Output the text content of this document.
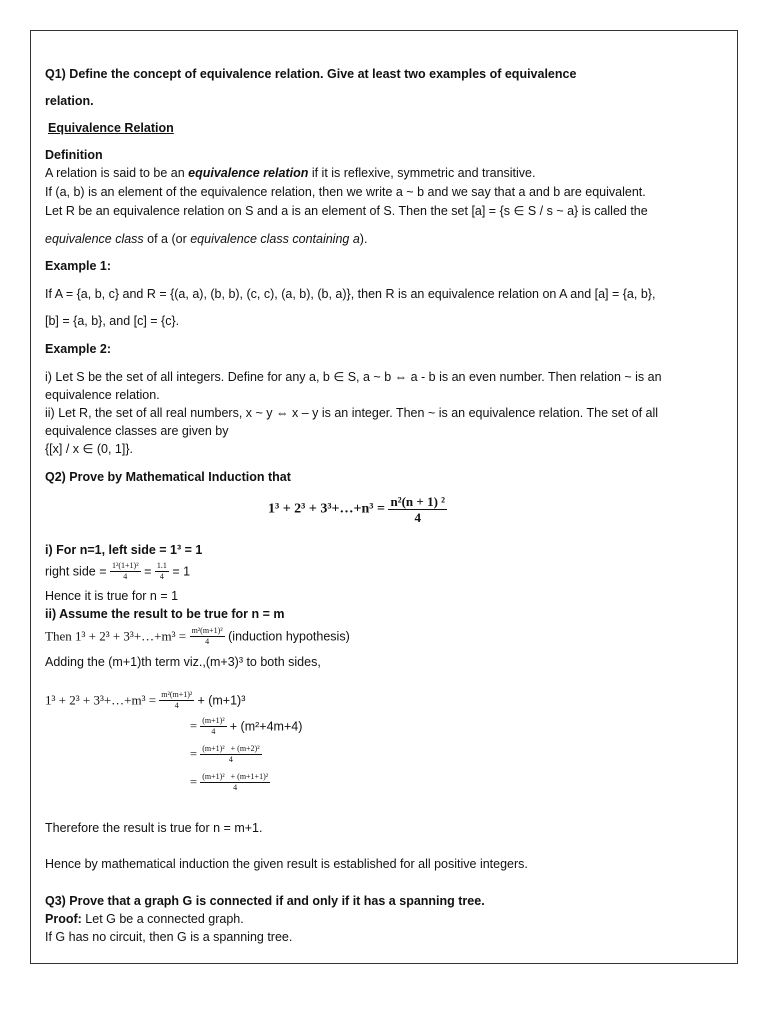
Q1) Define the concept of equivalence relation. Give at least two examples of equivalence
relation.
Equivalence Relation
Definition
A relation is said to be an equivalence relation if it is reflexive, symmetric and transitive.
If (a, b) is an element of the equivalence relation, then we write a ~ b and we say that a and b are equivalent.
Let R be an equivalence relation on S and a is an element of S. Then the set [a] = {s ∈ S / s ~ a} is called the
equivalence class of a (or equivalence class containing a).
Example 1:
If A = {a, b, c} and R = {(a, a), (b, b), (c, c), (a, b), (b, a)}, then R is an equivalence relation on A and [a] = {a, b},
[b] = {a, b}, and [c] = {c}.
Example 2:
i) Let S be the set of all integers. Define for any a, b ∈ S, a ~ b ⇔ a - b is an even number. Then relation ~ is an
equivalence relation.
ii) Let R, the set of all real numbers, x ~ y ⇔ x – y is an integer. Then ~ is an equivalence relation. The set of all
equivalence classes are given by
{[x] / x ∈ (0, 1]}.
Q2) Prove by Mathematical Induction that
1³ + 2³ + 3³+…+n³ = $\frac{\text{n²(n + 1) ²}}{4}$
i) For n=1, left side = 1³ = 1
right side = $\frac{\text{1²(1+1)²}}{4} = \frac{1.1}{4} = 1$
Hence it is true for n = 1
ii) Assume the result to be true for n = m
Then 1³ + 2³ + 3³+…+m³ = $\frac{\text{m²(m+1)²}}{4}$ (induction hypothesis)
Adding the (m+1)th term viz.,(m+3)³ to both sides,
1³ + 2³ + 3³+…+m³ = $\frac{\text{m²(m+1)²}}{4} + (m+1)^3$
= $\frac{\text{(m+1)²}}{4} + (m^2+4m+4)$
= $\frac{\text{(m+1)²   + (m+2)²}}{4}$
= $\frac{\text{(m+1)²   + (m+1+1)²}}{4}$
Therefore the result is true for n = m+1.
Hence by mathematical induction the given result is established for all positive integers.
Q3) Prove that a graph G is connected if and only if it has a spanning tree.
Proof: Let G be a connected graph.
If G has no circuit, then G is a spanning tree.
